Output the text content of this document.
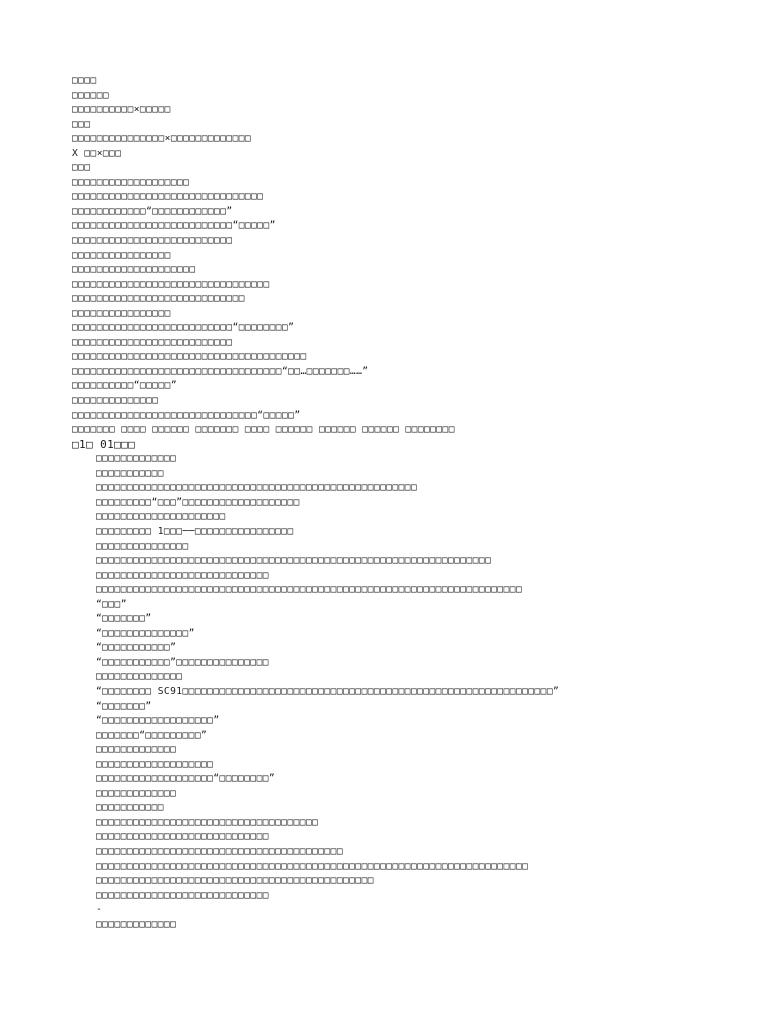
□□□□
□□□□□□
□□□□□□□□□□×□□□□□
□□□
□□□□□□□□□□□□□□□×□□□□□□□□□□□□□
X □□×□□□
□□□
□□□□□□□□□□□□□□□□□□□
□□□□□□□□□□□□□□□□□□□□□□□□□□□□□□□
□□□□□□□□□□□□“□□□□□□□□□□□□”
□□□□□□□□□□□□□□□□□□□□□□□□□□“□□□□□”
□□□□□□□□□□□□□□□□□□□□□□□□□□
□□□□□□□□□□□□□□□□
□□□□□□□□□□□□□□□□□□□□
□□□□□□□□□□□□□□□□□□□□□□□□□□□□□□□□
□□□□□□□□□□□□□□□□□□□□□□□□□□□□
□□□□□□□□□□□□□□□□
□□□□□□□□□□□□□□□□□□□□□□□□□□“□□□□□□□□”
□□□□□□□□□□□□□□□□□□□□□□□□□□
□□□□□□□□□□□□□□□□□□□□□□□□□□□□□□□□□□□□□□
□□□□□□□□□□□□□□□□□□□□□□□□□□□□□□□□□□“□□…□□□□□□□……”
□□□□□□□□□□“□□□□□”
□□□□□□□□□□□□□□
□□□□□□□□□□□□□□□□□□□□□□□□□□□□□□“□□□□□”
□□□□□□□ □□□□ □□□□□□ □□□□□□□ □□□□ □□□□□□ □□□□□□ □□□□□□ □□□□□□□□
□1□ 01□□□
□□□□□□□□□□□□□
□□□□□□□□□□□
□□□□□□□□□□□□□□□□□□□□□□□□□□□□□□□□□□□□□□□□□□□□□□□□□□□□
□□□□□□□□□“□□□”□□□□□□□□□□□□□□□□□□□
□□□□□□□□□□□□□□□□□□□□□
□□□□□□□□□ 1□□□──□□□□□□□□□□□□□□□□
□□□□□□□□□□□□□□□
□□□□□□□□□□□□□□□□□□□□□□□□□□□□□□□□□□□□□□□□□□□□□□□□□□□□□□□□□□□□□□□□
□□□□□□□□□□□□□□□□□□□□□□□□□□□□
□□□□□□□□□□□□□□□□□□□□□□□□□□□□□□□□□□□□□□□□□□□□□□□□□□□□□□□□□□□□□□□□□□□□□
“□□□”
“□□□□□□□”
“□□□□□□□□□□□□□□”
“□□□□□□□□□□□”
“□□□□□□□□□□□”□□□□□□□□□□□□□□□
□□□□□□□□□□□□□□
“□□□□□□□□ SC91□□□□□□□□□□□□□□□□□□□□□□□□□□□□□□□□□□□□□□□□□□□□□□□□□□□□□□□□□□□□”
“□□□□□□□”
“□□□□□□□□□□□□□□□□□□”
□□□□□□□“□□□□□□□□□”
□□□□□□□□□□□□□
□□□□□□□□□□□□□□□□□□□
□□□□□□□□□□□□□□□□□□□“□□□□□□□□”
□□□□□□□□□□□□□
□□□□□□□□□□□
□□□□□□□□□□□□□□□□□□□□□□□□□□□□□□□□□□□□
□□□□□□□□□□□□□□□□□□□□□□□□□□□□
□□□□□□□□□□□□□□□□□□□□□□□□□□□□□□□□□□□□□□□□
□□□□□□□□□□□□□□□□□□□□□□□□□□□□□□□□□□□□□□□□□□□□□□□□□□□□□□□□□□□□□□□□□□□□□□
□□□□□□□□□□□□□□□□□□□□□□□□□□□□□□□□□□□□□□□□□□□□□
□□□□□□□□□□□□□□□□□□□□□□□□□□□□
-
□□□□□□□□□□□□□
